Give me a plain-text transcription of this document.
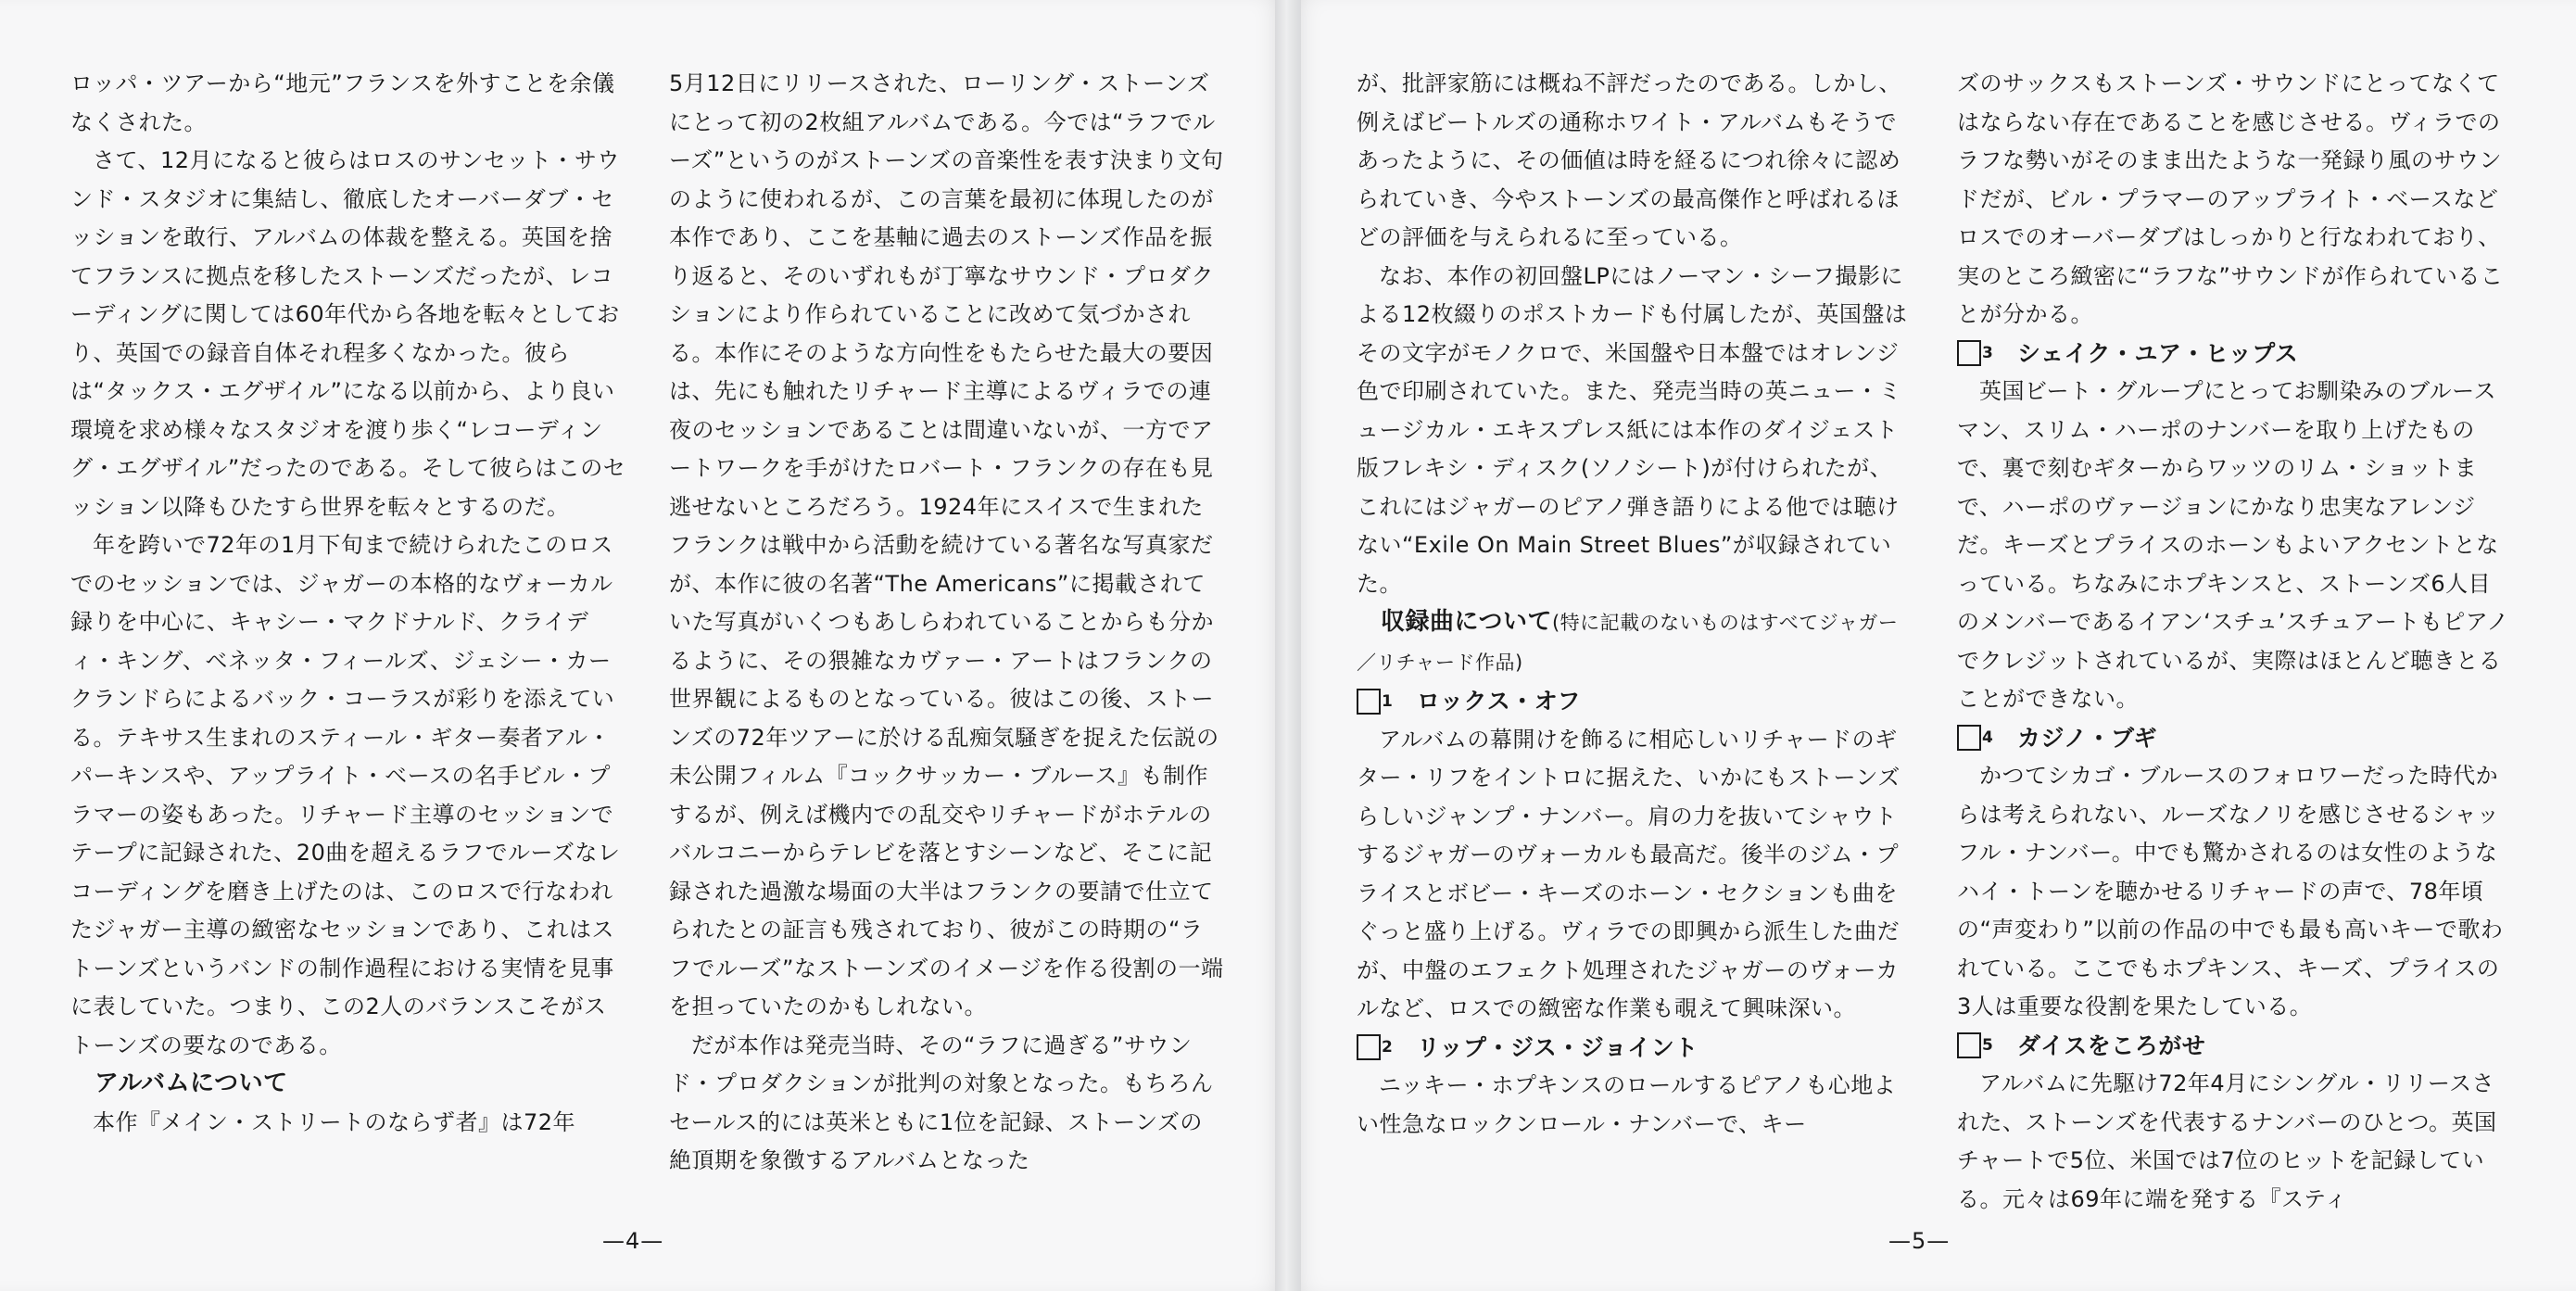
ロッパ・ツアーから“地元”フランスを外すことを余儀なくされた。

さて、12月になると彼らはロスのサンセット・サウンド・スタジオに集結し、徹底したオーバーダブ・セッションを敢行、アルバムの体裁を整える。英国を捨てフランスに拠点を移したストーンズだったが、レコーディングに関しては60年代から各地を転々としており、英国での録音自体それ程多くなかった。彼らは“タックス・エグザイル”になる以前から、より良い環境を求め様々なスタジオを渡り歩く“レコーディング・エグザイル”だったのである。そして彼らはこのセッション以降もひたすら世界を転々とするのだ。

年を跨いで72年の1月下旬まで続けられたこのロスでのセッションでは、ジャガーの本格的なヴォーカル録りを中心に、キャシー・マクドナルド、クライディ・キング、ベネッタ・フィールズ、ジェシー・カークランドらによるバック・コーラスが彩りを添えている。テキサス生まれのスティール・ギター奏者アル・パーキンスや、アップライト・ベースの名手ビル・プラマーの姿もあった。リチャード主導のセッションでテープに記録された、20曲を超えるラフでルーズなレコーディングを磨き上げたのは、このロスで行なわれたジャガー主導の緻密なセッションであり、これはストーンズというバンドの制作過程における実情を見事に表していた。つまり、この2人のバランスこそがストーンズの要なのである。

アルバムについて

本作『メイン・ストリートのならず者』は72年

5月12日にリリースされた、ローリング・ストーンズにとって初の2枚組アルバムである。今では“ラフでルーズ”というのがストーンズの音楽性を表す決まり文句のように使われるが、この言葉を最初に体現したのが本作であり、ここを基軸に過去のストーンズ作品を振り返ると、そのいずれもが丁寧なサウンド・プロダクションにより作られていることに改めて気づかされる。本作にそのような方向性をもたらせた最大の要因は、先にも触れたリチャード主導によるヴィラでの連夜のセッションであることは間違いないが、一方でアートワークを手がけたロバート・フランクの存在も見逃せないところだろう。1924年にスイスで生まれたフランクは戦中から活動を続けている著名な写真家だが、本作に彼の名著“The Americans”に掲載されていた写真がいくつもあしらわれていることからも分かるように、その猥雑なカヴァー・アートはフランクの世界観によるものとなっている。彼はこの後、ストーンズの72年ツアーに於ける乱痴気騒ぎを捉えた伝説の未公開フィルム『コックサッカー・ブルース』も制作するが、例えば機内での乱交やリチャードがホテルのバルコニーからテレビを落とすシーンなど、そこに記録された過激な場面の大半はフランクの要請で仕立てられたとの証言も残されており、彼がこの時期の“ラフでルーズ”なストーンズのイメージを作る役割の一端を担っていたのかもしれない。

だが本作は発売当時、その“ラフに過ぎる”サウンド・プロダクションが批判の対象となった。もちろんセールス的には英米ともに1位を記録、ストーンズの絶頂期を象徴するアルバムとなった

—4—

が、批評家筋には概ね不評だったのである。しかし、例えばビートルズの通称ホワイト・アルバムもそうであったように、その価値は時を経るにつれ徐々に認められていき、今やストーンズの最高傑作と呼ばれるほどの評価を与えられるに至っている。

なお、本作の初回盤LPにはノーマン・シーフ撮影による12枚綴りのポストカードも付属したが、英国盤はその文字がモノクロで、米国盤や日本盤ではオレンジ色で印刷されていた。また、発売当時の英ニュー・ミュージカル・エキスプレス紙には本作のダイジェスト版フレキシ・ディスク(ソノシート)が付けられたが、これにはジャガーのピアノ弾き語りによる他では聴けない“Exile On Main Street Blues”が収録されていた。

収録曲について(特に記載のないものはすべてジャガー／リチャード作品)

1	ロックス・オフ

アルバムの幕開けを飾るに相応しいリチャードのギター・リフをイントロに据えた、いかにもストーンズらしいジャンプ・ナンバー。肩の力を抜いてシャウトするジャガーのヴォーカルも最高だ。後半のジム・プライスとボビー・キーズのホーン・セクションも曲をぐっと盛り上げる。ヴィラでの即興から派生した曲だが、中盤のエフェクト処理されたジャガーのヴォーカルなど、ロスでの緻密な作業も覗えて興味深い。

2	リップ・ジス・ジョイント

ニッキー・ホプキンスのロールするピアノも心地よい性急なロックンロール・ナンバーで、キー

ズのサックスもストーンズ・サウンドにとってなくてはならない存在であることを感じさせる。ヴィラでのラフな勢いがそのまま出たような一発録り風のサウンドだが、ビル・プラマーのアップライト・ベースなどロスでのオーバーダブはしっかりと行なわれており、実のところ緻密に“ラフな”サウンドが作られていることが分かる。

3	シェイク・ユア・ヒップス

英国ビート・グループにとってお馴染みのブルースマン、スリム・ハーポのナンバーを取り上げたもので、裏で刻むギターからワッツのリム・ショットまで、ハーポのヴァージョンにかなり忠実なアレンジだ。キーズとプライスのホーンもよいアクセントとなっている。ちなみにホプキンスと、ストーンズ6人目のメンバーであるイアン‘スチュ’スチュアートもピアノでクレジットされているが、実際はほとんど聴きとることができない。

4	カジノ・ブギ

かつてシカゴ・ブルースのフォロワーだった時代からは考えられない、ルーズなノリを感じさせるシャッフル・ナンバー。中でも驚かされるのは女性のようなハイ・トーンを聴かせるリチャードの声で、78年頃の“声変わり”以前の作品の中でも最も高いキーで歌われている。ここでもホプキンス、キーズ、プライスの3人は重要な役割を果たしている。

5	ダイスをころがせ

アルバムに先駆け72年4月にシングル・リリースされた、ストーンズを代表するナンバーのひとつ。英国チャートで5位、米国では7位のヒットを記録している。元々は69年に端を発する『スティ

—5—
